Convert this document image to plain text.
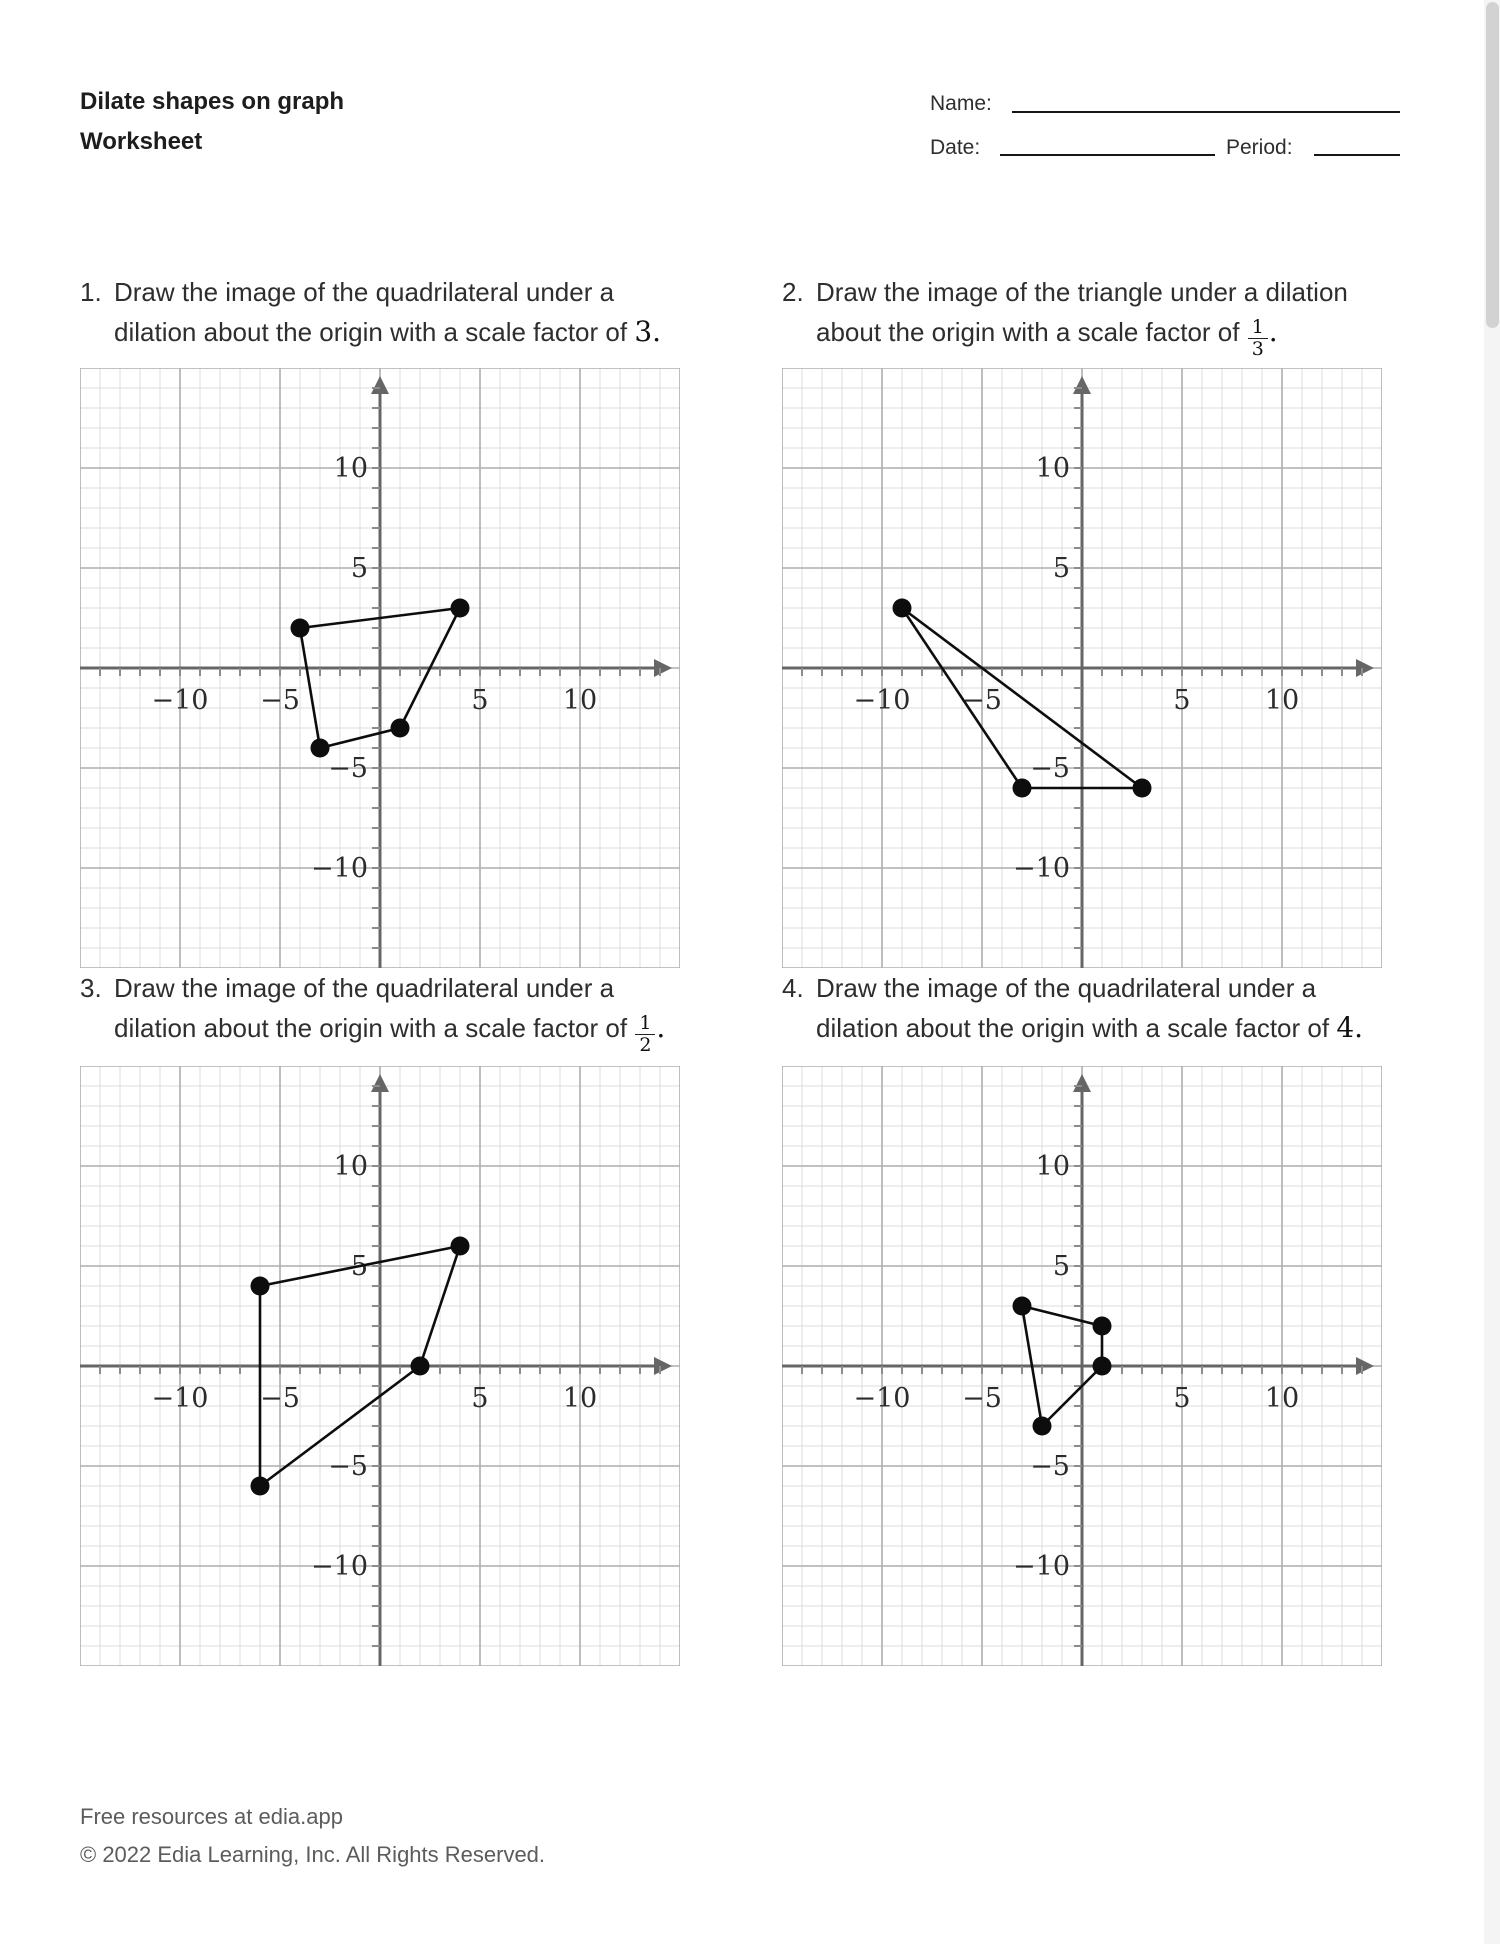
Dilate shapes on graph
Worksheet
Name:
Date:	Period:
1. Draw the image of the quadrilateral under a
dilation about the origin with a scale factor of 3.
2. Draw the image of the triangle under a dilation
about the origin with a scale factor of $\frac{1}{3}$ .
3. Draw the image of the quadrilateral under a
dilation about the origin with a scale factor of $\frac{1}{2}$ .
4. Draw the image of the quadrilateral under a
dilation about the origin with a scale factor of 4.
−10 −5	5	10
10
5
−5
−10
−10 −5	5	10
10
5
−5
−10
−10 −5	5	10
10
5
−5
−10
−10 −5	5	10
10
5
−5
−10
Free resources at edia.app
© 2022 Edia Learning, Inc. All Rights Reserved.
